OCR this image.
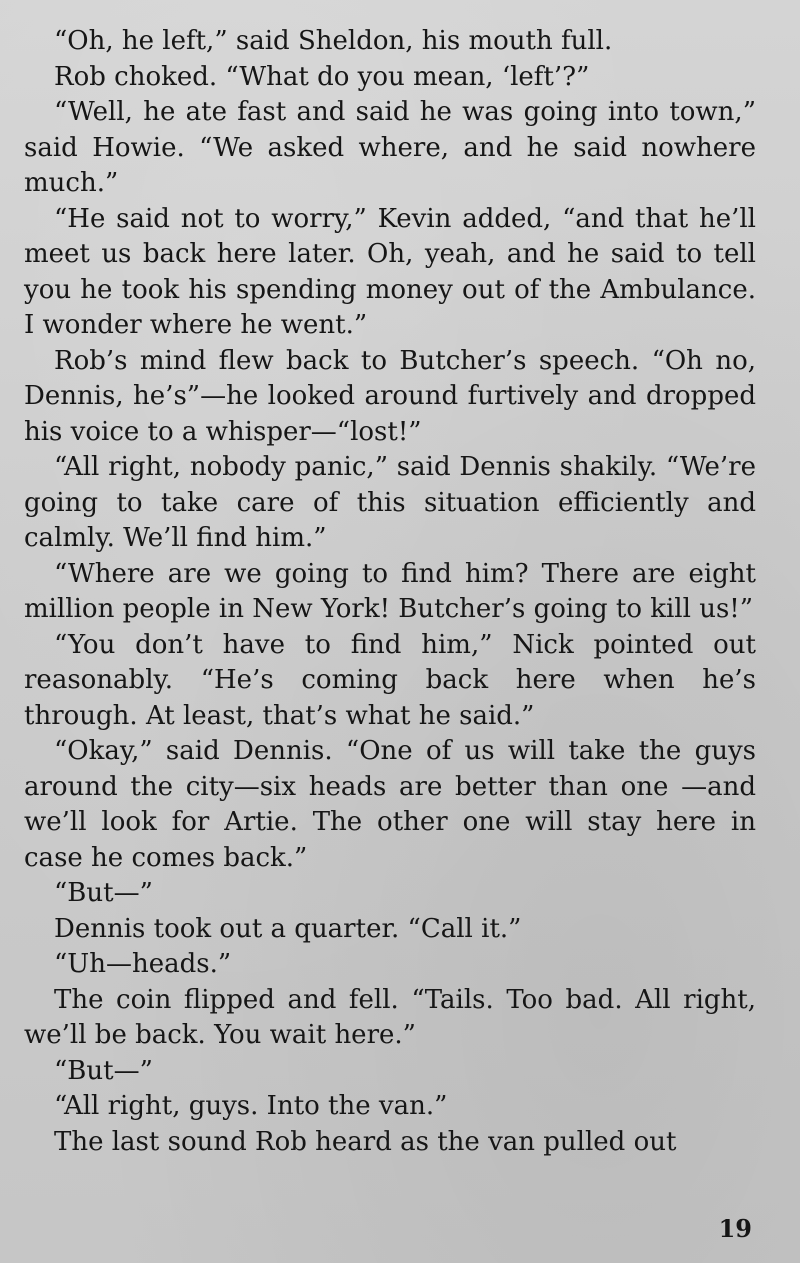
“Oh, he left,” said Sheldon, his mouth full.

Rob choked. “What do you mean, ‘left’?”

“Well, he ate fast and said he was going into town,” said Howie. “We asked where, and he said nowhere much.”

“He said not to worry,” Kevin added, “and that he’ll meet us back here later. Oh, yeah, and he said to tell you he took his spending money out of the Ambulance. I wonder where he went.”

Rob’s mind flew back to Butcher’s speech. “Oh no, Dennis, he’s”—he looked around furtively and dropped his voice to a whisper—“lost!”

“All right, nobody panic,” said Dennis shakily. “We’re going to take care of this situation efficiently and calmly. We’ll find him.”

“Where are we going to find him? There are eight million people in New York! Butcher’s going to kill us!”

“You don’t have to find him,” Nick pointed out reasonably. “He’s coming back here when he’s through. At least, that’s what he said.”

“Okay,” said Dennis. “One of us will take the guys around the city—six heads are better than one —and we’ll look for Artie. The other one will stay here in case he comes back.”

“But—”

Dennis took out a quarter. “Call it.”

“Uh—heads.”

The coin flipped and fell. “Tails. Too bad. All right, we’ll be back. You wait here.”

“But—”

“All right, guys. Into the van.”

The last sound Rob heard as the van pulled out

19
